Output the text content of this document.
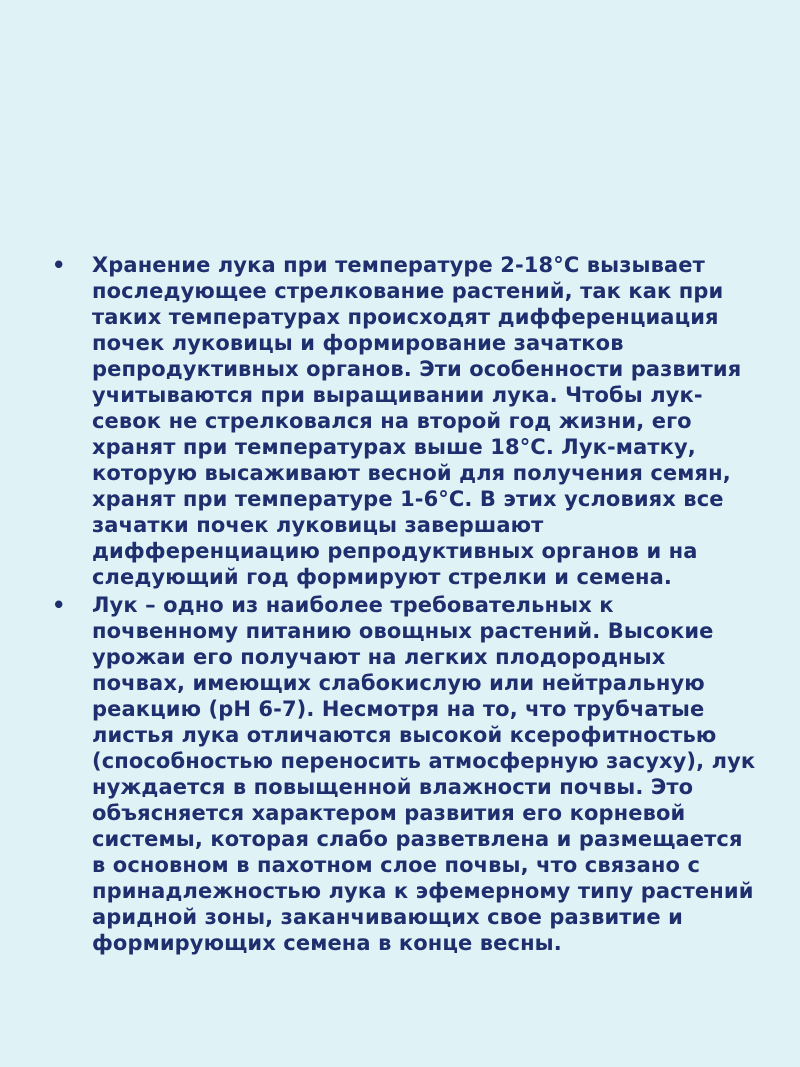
• Хранение лука при температуре 2-18°С вызывает последующее стрелкование растений, так как при таких температурах происходят дифференциация почек луковицы и формирование зачатков репродуктивных органов. Эти особенности развития учитываются при выращивании лука. Чтобы лук-севок не стрелковался на второй год жизни, его хранят при температурах выше 18°С. Лук-матку, которую высаживают весной для получения семян, хранят при температуре 1-6°С. В этих условиях все зачатки почек луковицы завершают дифференциацию репродуктивных органов и на следующий год формируют стрелки и семена.
• Лук – одно из наиболее требовательных к почвенному питанию овощных растений. Высокие урожаи его получают на легких плодородных почвах, имеющих слабокислую или нейтральную реакцию (рН 6-7). Несмотря на то, что трубчатые листья лука отличаются высокой ксерофитностью (способностью переносить атмосферную засуху), лук нуждается в повыщенной влажности почвы. Это объясняется характером развития его корневой системы, которая слабо разветвлена и размещается в основном в пахотном слое почвы, что связано с принадлежностью лука к эфемерному типу растений аридной зоны, заканчивающих свое развитие и формирующих семена в конце весны.
